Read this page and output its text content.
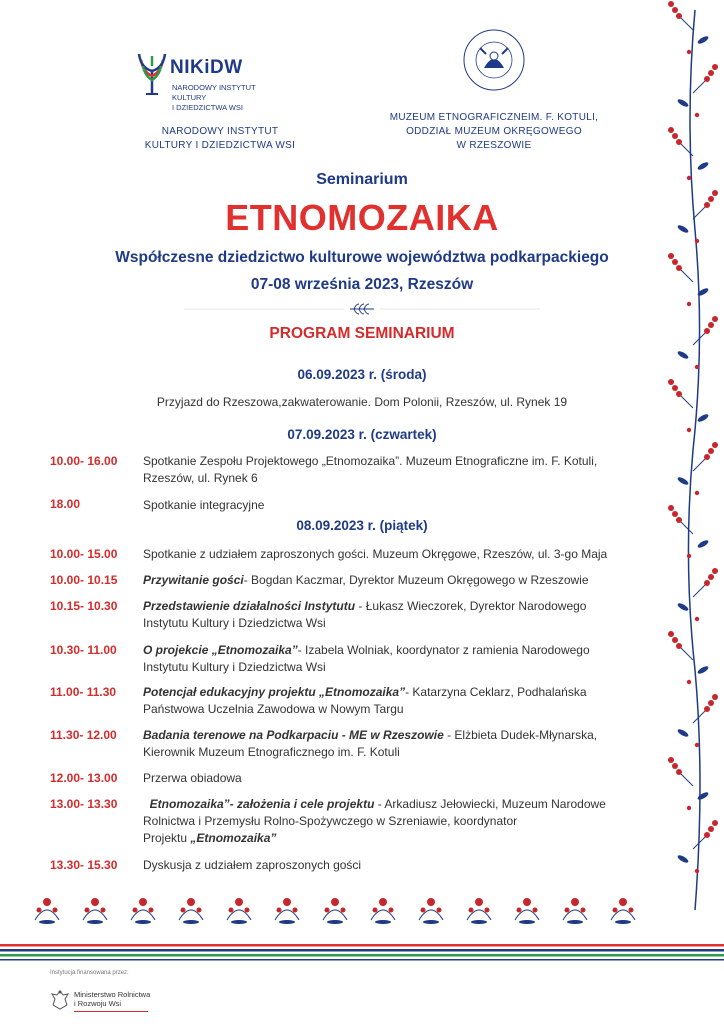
NIKiDW
NARODOWY INSTYTUT KULTURY
I DZIEDZICTWA WSI
NARODOWY INSTYTUT
KULTURY I DZIEDZICTWA WSI
MUZEUM ETNOGRAFICZNEIM. F. KOTULI,
ODDZIAŁ MUZEUM OKRĘGOWEGO
W RZESZOWIE
Seminarium
ETNOMOZAIKA
Współczesne dziedzictwo kulturowe województwa podkarpackiego
07-08 września 2023, Rzeszów
PROGRAM SEMINARIUM
06.09.2023 r. (środa)
Przyjazd do Rzeszowa,zakwaterowanie. Dom Polonii, Rzeszów, ul. Rynek 19
07.09.2023 r. (czwartek)
10.00- 16.00 Spotkanie Zespołu Projektowego „Etnomozaika”. Muzeum Etnograficzne im. F. Kotuli,
Rzeszów, ul. Rynek 6
18.00	Spotkanie integracyjne
08.09.2023 r. (piątek)
10.00- 15.00 Spotkanie z udziałem zaproszonych gości. Muzeum Okręgowe, Rzeszów, ul. 3-go Maja
10.00- 10.15 Przywitanie gości- Bogdan Kaczmar, Dyrektor Muzeum Okręgowego w Rzeszowie
10.15- 10.30 Przedstawienie działalności Instytutu - Łukasz Wieczorek, Dyrektor Narodowego
Instytutu Kultury i Dziedzictwa Wsi
10.30- 11.00 O projekcie „Etnomozaika”- Izabela Wolniak, koordynator z ramienia Narodowego
Instytutu Kultury i Dziedzictwa Wsi
11.00- 11.30 Potencjał edukacyjny projektu „Etnomozaika”- Katarzyna Ceklarz, Podhalańska
Państwowa Uczelnia Zawodowa w Nowym Targu
11.30- 12.00 Badania terenowe na Podkarpaciu - ME w Rzeszowie - Elżbieta Dudek-Młynarska,
Kierownik Muzeum Etnograficznego im. F. Kotuli
12.00- 13.00 Przerwa obiadowa
13.00- 13.30 Etnomozaika”- założenia i cele projektu - Arkadiusz Jełowiecki, Muzeum Narodowe
Rolnictwa i Przemysłu Rolno-Spożywczego w Szreniawie, koordynator
Projektu „Etnomozaika”
13.30- 15.30 Dyskusja z udziałem zaproszonych gości
Instytucja finansowana przez:
Ministerstwo Rolnictwa
i Rozwoju Wsi
